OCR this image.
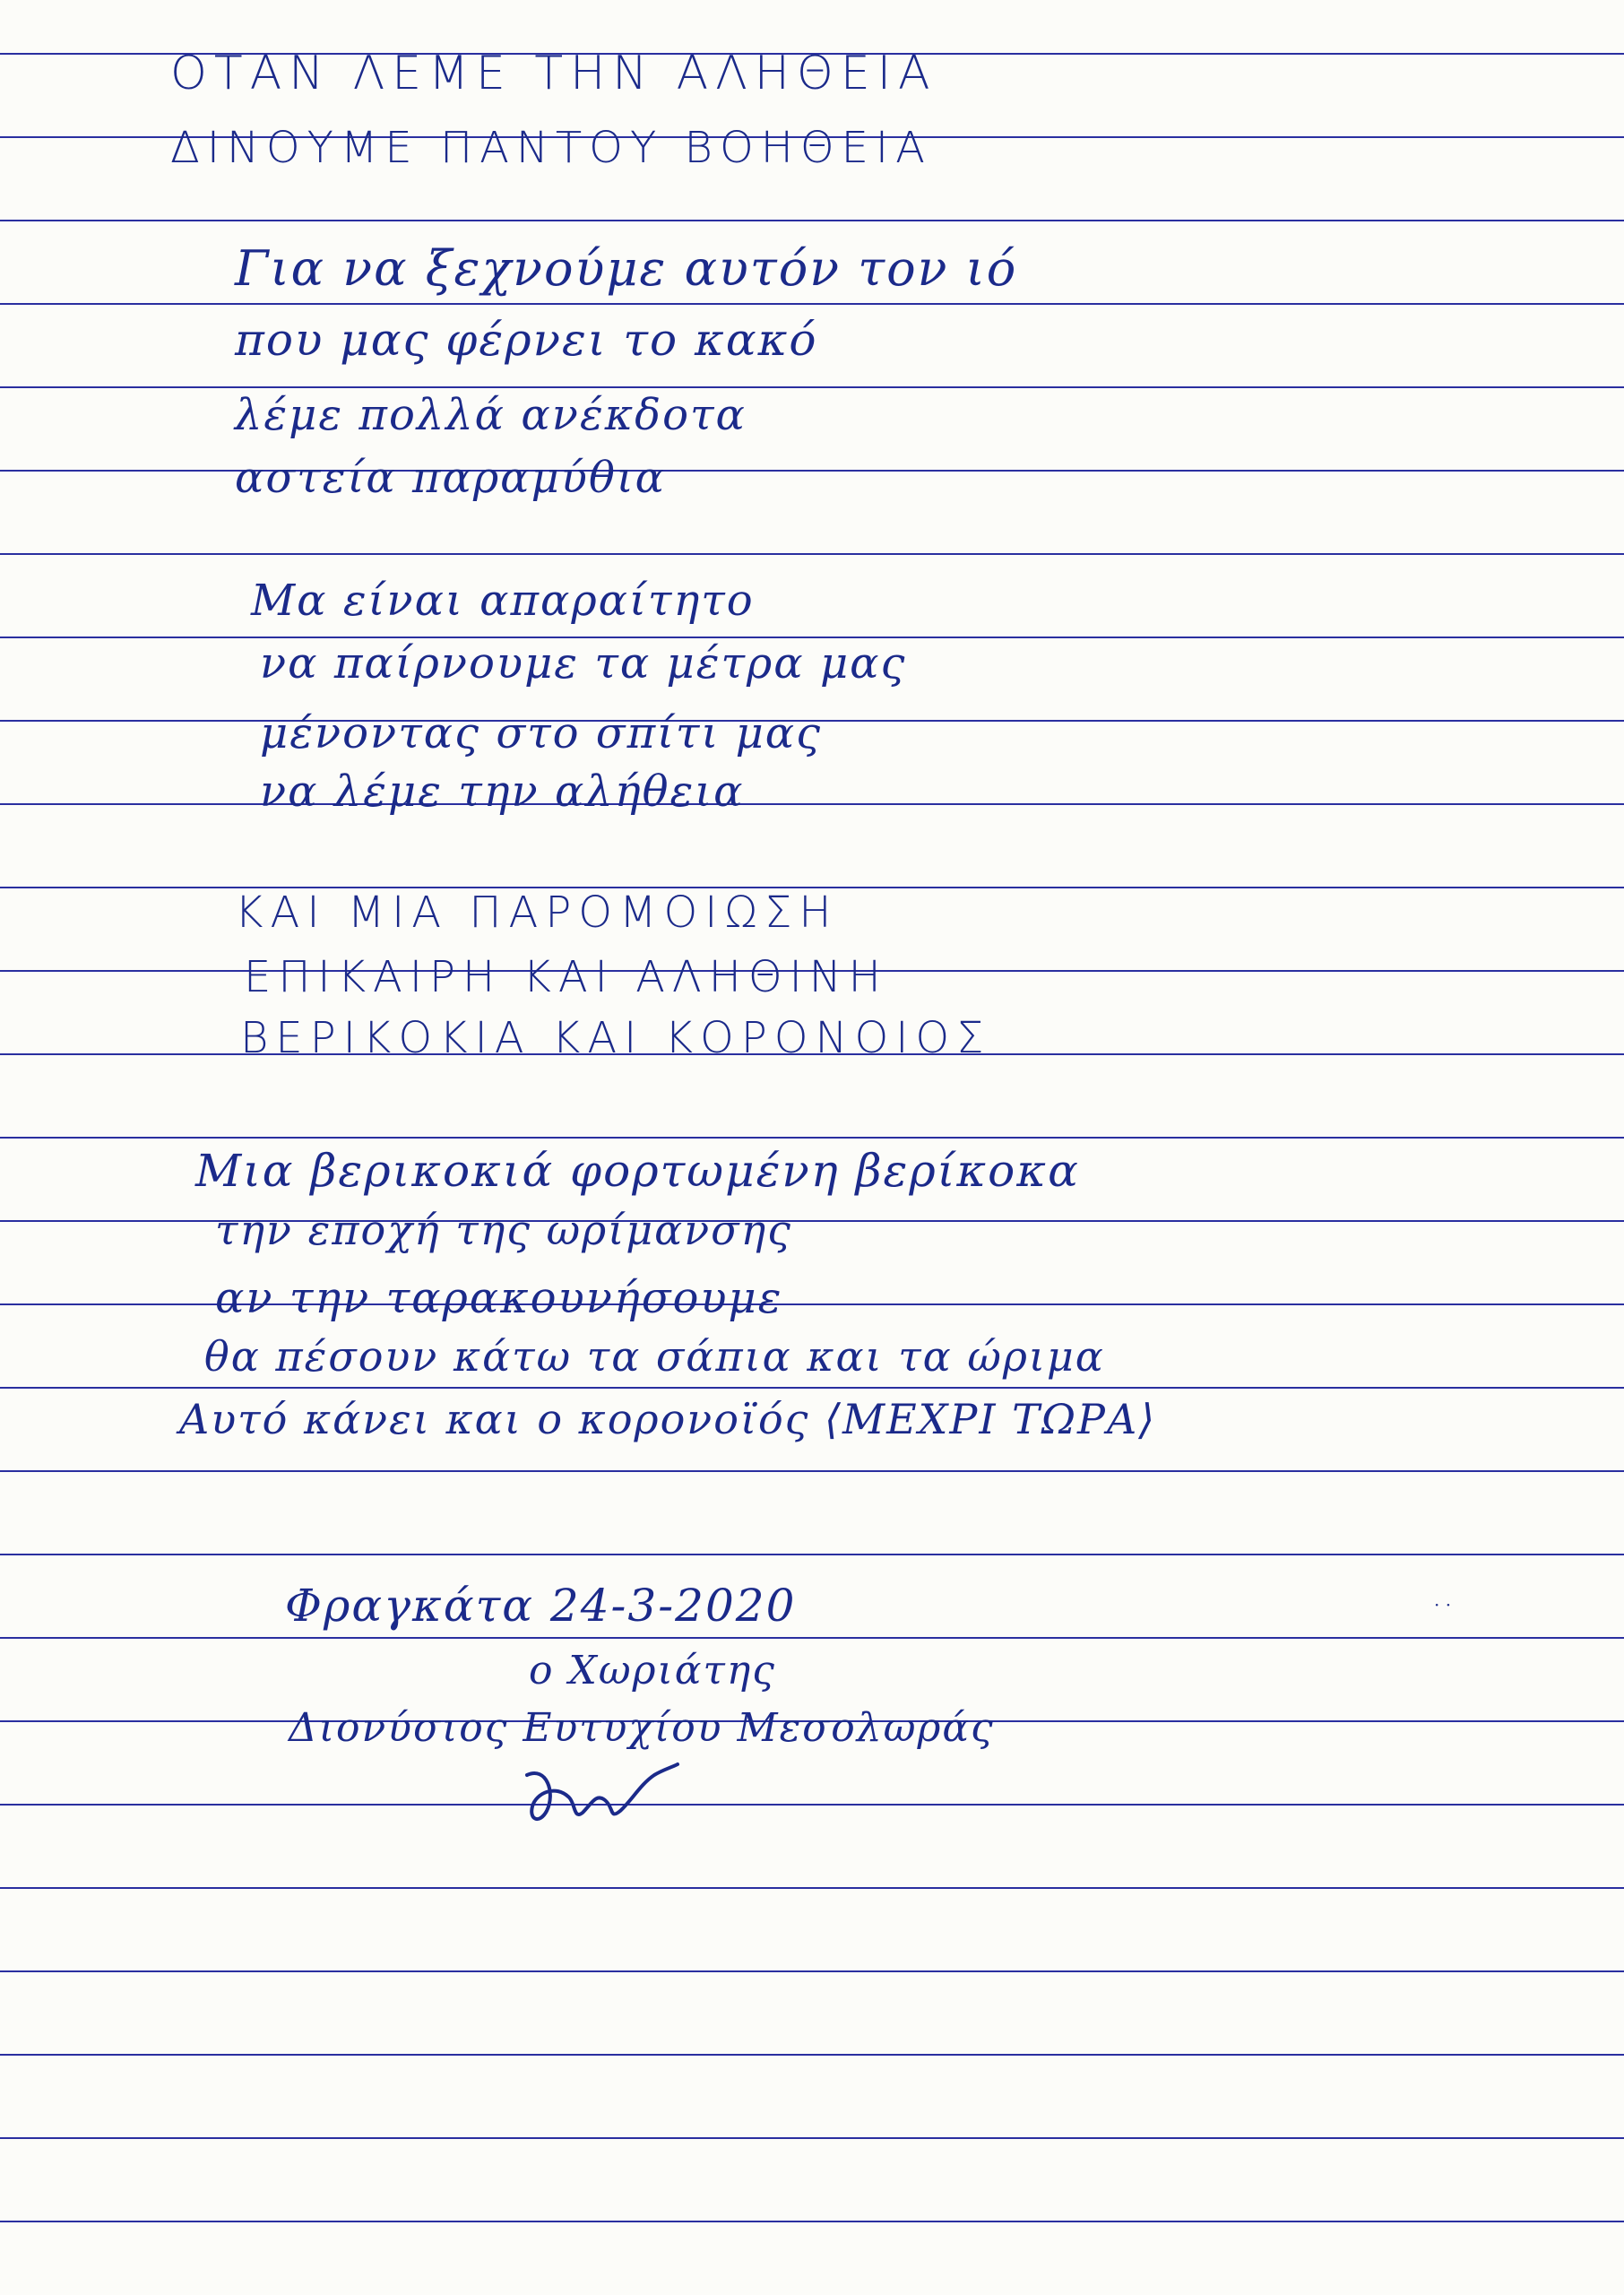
ΟΤΑΝ ΛΕΜΕ ΤΗΝ ΑΛΗΘΕΙΑ
ΔΙΝΟΥΜΕ ΠΑΝΤΟΥ ΒΟΗΘΕΙΑ
Για να ξεχνούμε αυτόν τον ιό
που μας φέρνει το κακό
λέμε πολλά ανέκδοτα
αστεία παραμύθια
Μα είναι απαραίτητο
να παίρνουμε τα μέτρα μας
μένοντας στο σπίτι μας
να λέμε την αλήθεια
ΚΑΙ ΜΙΑ ΠΑΡΟΜΟΙΩΣΗ
ΕΠΙΚΑΙΡΗ ΚΑΙ ΑΛΗΘΙΝΗ
ΒΕΡΙΚΟΚΙΑ ΚΑΙ ΚΟΡΟΝΟΙΟΣ
Μια βερικοκιά φορτωμένη βερίκοκα
την εποχή της ωρίμανσης
αν την ταρακουνήσουμε
θα πέσουν κάτω τα σάπια και τα ώριμα
Αυτό κάνει και ο κορονοϊός ⟨ΜΕΧΡΙ ΤΩΡΑ⟩
Φραγκάτα 24-3-2020
ο Χωριάτης
Διονύσιος Ευτυχίου Μεσολωράς
· ·
